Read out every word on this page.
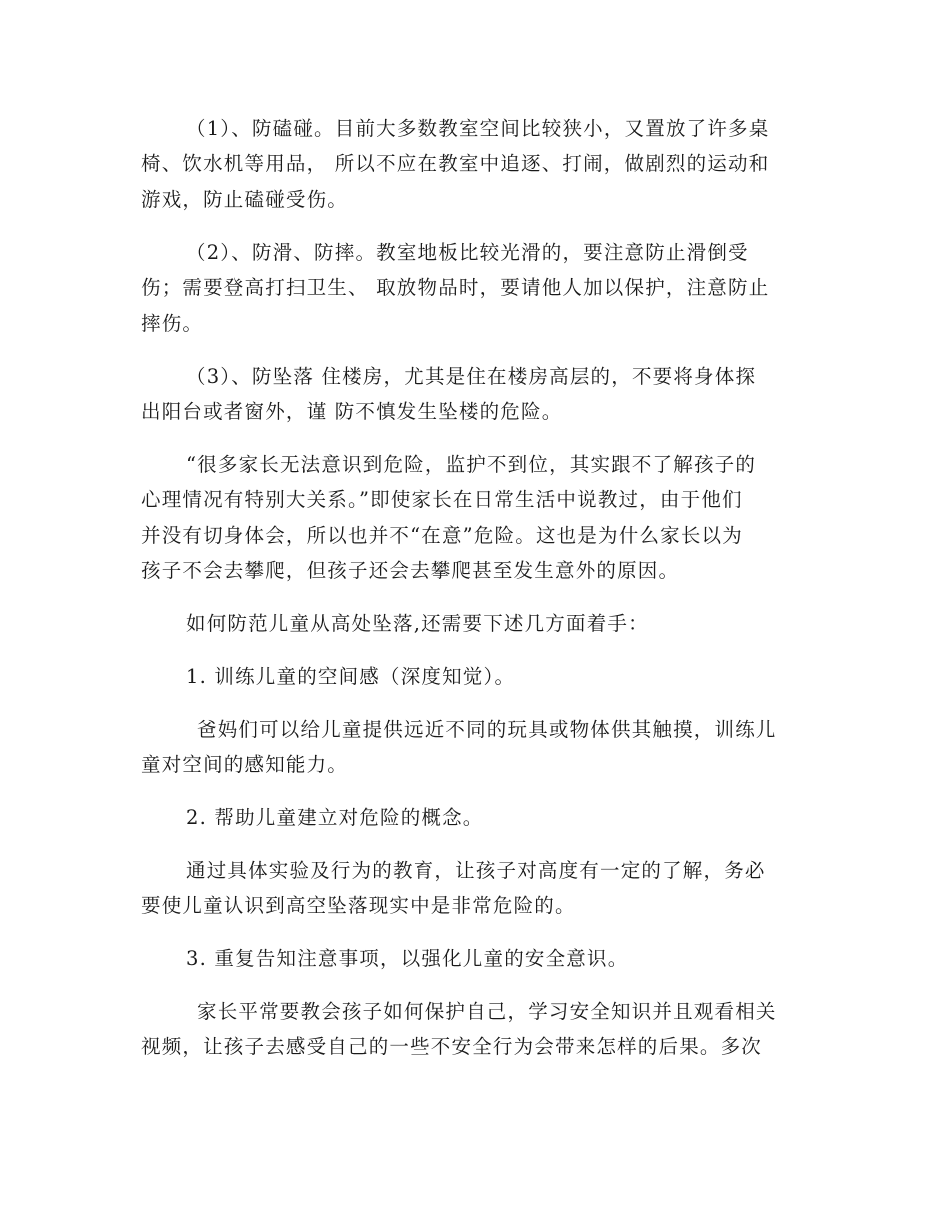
（1）、防磕碰。目前大多数教室空间比较狭小，又置放了许多桌
椅、饮水机等用品， 所以不应在教室中追逐、打闹，做剧烈的运动和
游戏，防止磕碰受伤。
（2）、防滑、防摔。教室地板比较光滑的，要注意防止滑倒受
伤；需要登高打扫卫生、 取放物品时，要请他人加以保护，注意防止
摔伤。
（3）、防坠落 住楼房，尤其是住在楼房高层的，不要将身体探
出阳台或者窗外，谨 防不慎发生坠楼的危险。
“很多家长无法意识到危险，监护不到位，其实跟不了解孩子的
心理情况有特别大关系。”即使家长在日常生活中说教过，由于他们
并没有切身体会，所以也并不“在意”危险。这也是为什么家长以为
孩子不会去攀爬，但孩子还会去攀爬甚至发生意外的原因。
如何防范儿童从高处坠落,还需要下述几方面着手：
1. 训练儿童的空间感（深度知觉）。
爸妈们可以给儿童提供远近不同的玩具或物体供其触摸，训练儿
童对空间的感知能力。
2. 帮助儿童建立对危险的概念。
通过具体实验及行为的教育，让孩子对高度有一定的了解，务必
要使儿童认识到高空坠落现实中是非常危险的。
3. 重复告知注意事项，以强化儿童的安全意识。
家长平常要教会孩子如何保护自己，学习安全知识并且观看相关
视频，让孩子去感受自己的一些不安全行为会带来怎样的后果。多次
